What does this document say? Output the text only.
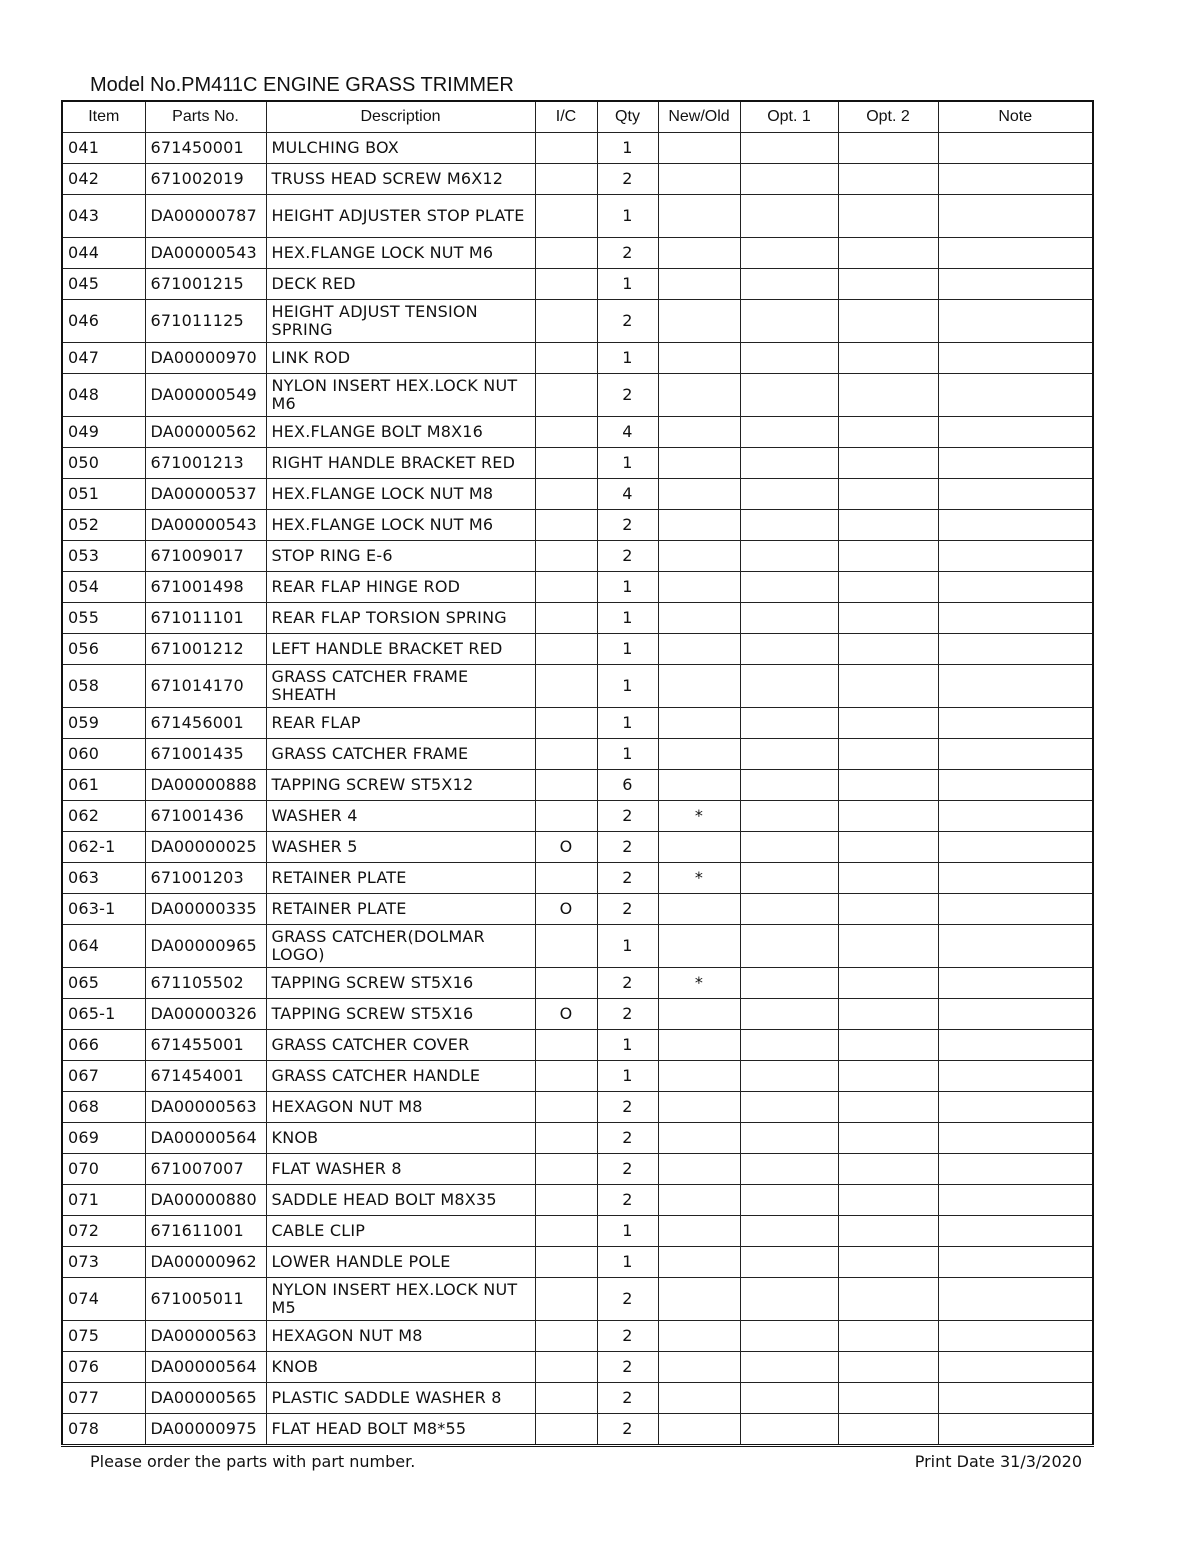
Model No.PM411C ENGINE GRASS TRIMMER
Item	Parts No.	Description	I/C	Qty	New/Old	Opt. 1	Opt. 2	Note
041	671450001	MULCHING BOX		1				
042	671002019	TRUSS HEAD SCREW M6X12		2				
043	DA00000787	HEIGHT ADJUSTER STOP PLATE		1				
044	DA00000543	HEX.FLANGE LOCK NUT M6		2				
045	671001215	DECK RED		1				
046	671011125	HEIGHT ADJUST TENSION SPRING		2				
047	DA00000970	LINK ROD		1				
048	DA00000549	NYLON INSERT HEX.LOCK NUT M6		2				
049	DA00000562	HEX.FLANGE BOLT M8X16		4				
050	671001213	RIGHT HANDLE BRACKET RED		1				
051	DA00000537	HEX.FLANGE LOCK NUT M8		4				
052	DA00000543	HEX.FLANGE LOCK NUT M6		2				
053	671009017	STOP RING E-6		2				
054	671001498	REAR FLAP HINGE ROD		1				
055	671011101	REAR FLAP TORSION SPRING		1				
056	671001212	LEFT HANDLE BRACKET RED		1				
058	671014170	GRASS CATCHER FRAME SHEATH		1				
059	671456001	REAR FLAP		1				
060	671001435	GRASS CATCHER FRAME		1				
061	DA00000888	TAPPING SCREW ST5X12		6				
062	671001436	WASHER 4		2	*			
062-1	DA00000025	WASHER 5	O	2				
063	671001203	RETAINER PLATE		2	*			
063-1	DA00000335	RETAINER PLATE	O	2				
064	DA00000965	GRASS CATCHER(DOLMAR LOGO)		1				
065	671105502	TAPPING SCREW ST5X16		2	*			
065-1	DA00000326	TAPPING SCREW ST5X16	O	2				
066	671455001	GRASS CATCHER COVER		1				
067	671454001	GRASS CATCHER HANDLE		1				
068	DA00000563	HEXAGON NUT M8		2				
069	DA00000564	KNOB		2				
070	671007007	FLAT WASHER 8		2				
071	DA00000880	SADDLE HEAD BOLT M8X35		2				
072	671611001	CABLE CLIP		1				
073	DA00000962	LOWER HANDLE POLE		1				
074	671005011	NYLON INSERT HEX.LOCK NUT M5		2				
075	DA00000563	HEXAGON NUT M8		2				
076	DA00000564	KNOB		2				
077	DA00000565	PLASTIC SADDLE WASHER 8		2				
078	DA00000975	FLAT HEAD BOLT M8*55		2				
Please order the parts with part number.	Print Date 31/3/2020
